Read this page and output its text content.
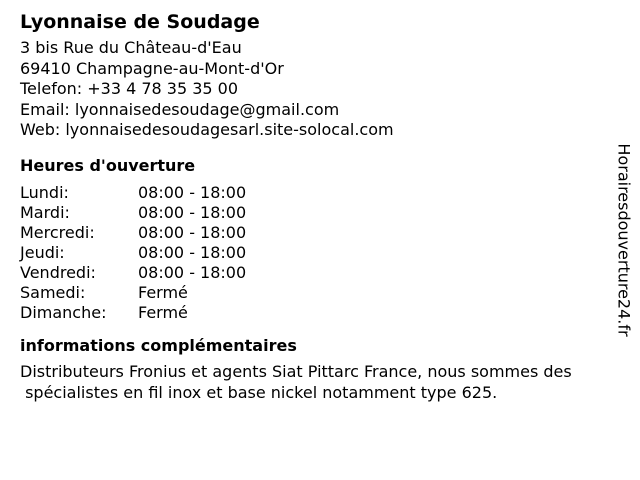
Lyonnaise de Soudage
3 bis Rue du Château-d'Eau
69410 Champagne-au-Mont-d'Or
Telefon: +33 4 78 35 35 00
Email: lyonnaisedesoudage@gmail.com
Web: lyonnaisedesoudagesarl.site-solocal.com
Heures d'ouverture
Lundi:	08:00 - 18:00
Mardi:	08:00 - 18:00
Mercredi:	08:00 - 18:00
Jeudi:	08:00 - 18:00
Vendredi:	08:00 - 18:00
Samedi:	Fermé
Dimanche:	Fermé
informations complémentaires
Distributeurs Fronius et agents Siat Pittarc France, nous sommes des
spécialistes en fil inox et base nickel notamment type 625.
Horairesdouverture24.fr
